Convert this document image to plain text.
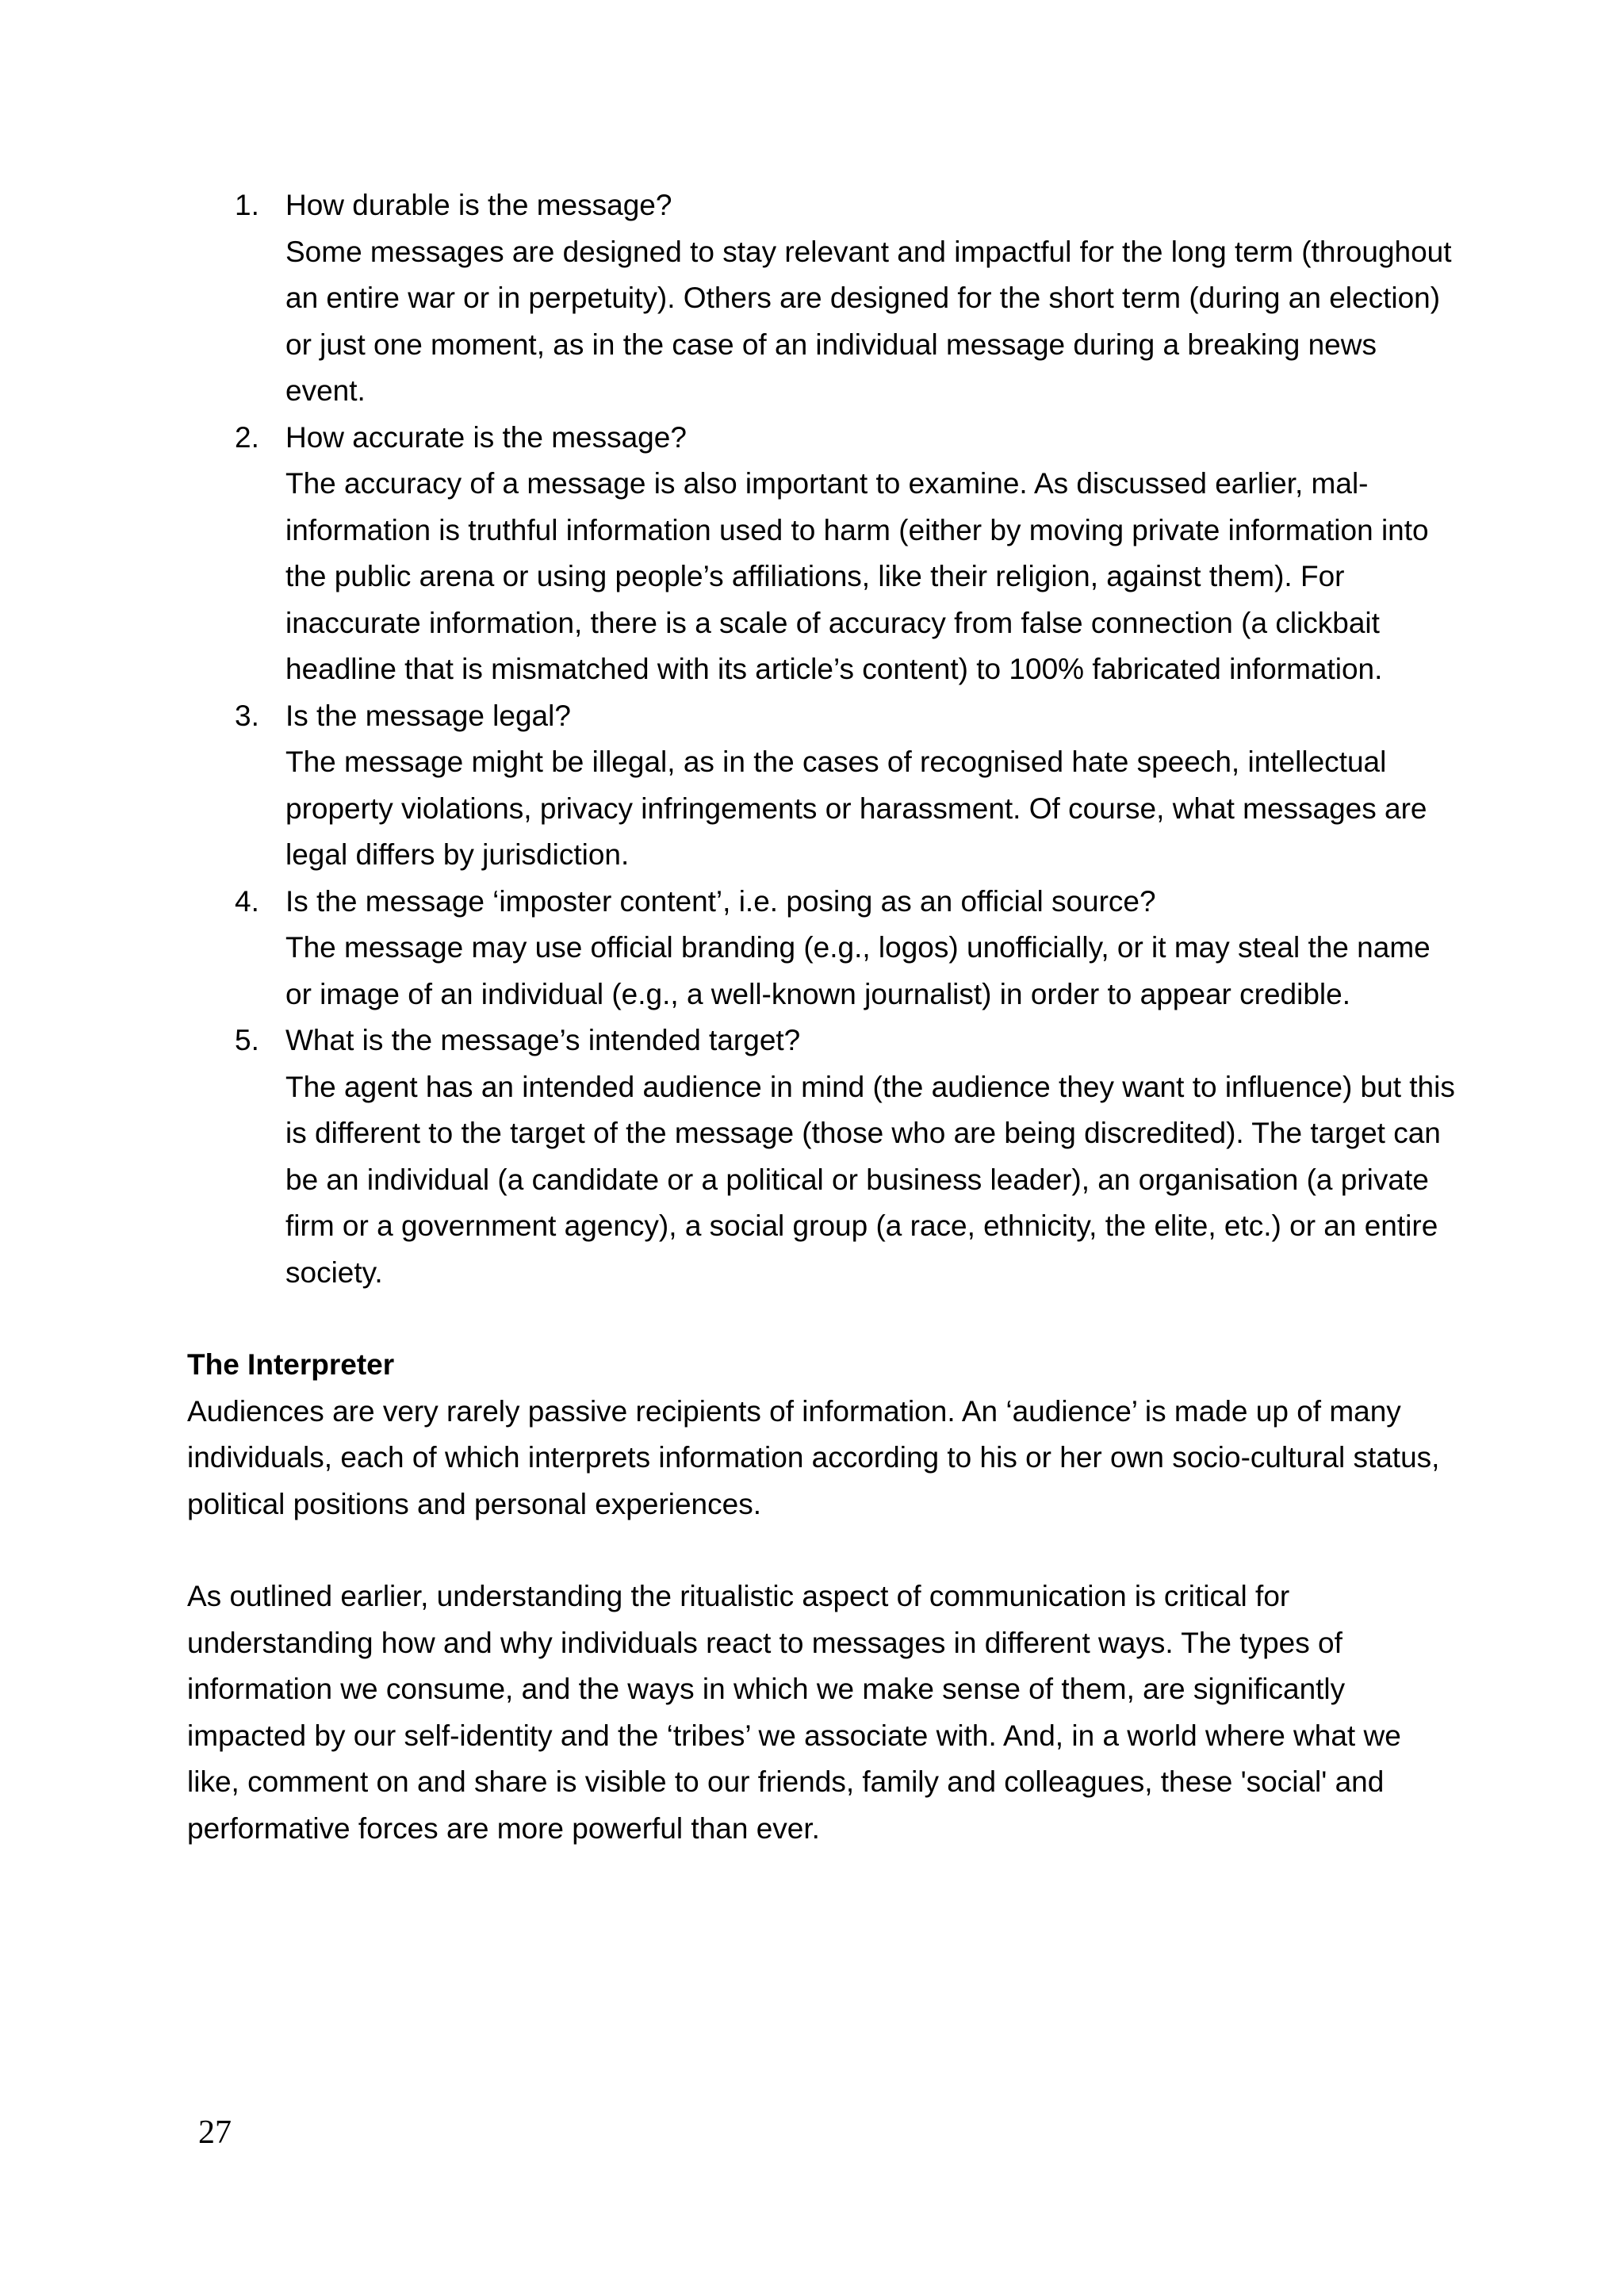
1. How durable is the message?
Some messages are designed to stay relevant and impactful for the long term (throughout an entire war or in perpetuity). Others are designed for the short term (during an election) or just one moment, as in the case of an individual message during a breaking news event.
2. How accurate is the message?
The accuracy of a message is also important to examine. As discussed earlier, mal-information is truthful information used to harm (either by moving private information into the public arena or using people’s affiliations, like their religion, against them). For inaccurate information, there is a scale of accuracy from false connection (a clickbait headline that is mismatched with its article’s content) to 100% fabricated information.
3. Is the message legal?
The message might be illegal, as in the cases of recognised hate speech, intellectual property violations, privacy infringements or harassment. Of course, what messages are legal differs by jurisdiction.
4. Is the message ‘imposter content’, i.e. posing as an official source?
The message may use official branding (e.g., logos) unofficially, or it may steal the name or image of an individual (e.g., a well-known journalist) in order to appear credible.
5. What is the message’s intended target?
The agent has an intended audience in mind (the audience they want to influence) but this is different to the target of the message (those who are being discredited). The target can be an individual (a candidate or a political or business leader), an organisation (a private firm or a government agency), a social group (a race, ethnicity, the elite, etc.) or an entire society.
The Interpreter

Audiences are very rarely passive recipients of information. An ‘audience’ is made up of many individuals, each of which interprets information according to his or her own socio-cultural status, political positions and personal experiences.

As outlined earlier, understanding the ritualistic aspect of communication is critical for understanding how and why individuals react to messages in different ways. The types of information we consume, and the ways in which we make sense of them, are significantly impacted by our self-identity and the ‘tribes’ we associate with. And, in a world where what we like, comment on and share is visible to our friends, family and colleagues, these 'social' and performative forces are more powerful than ever.

27
